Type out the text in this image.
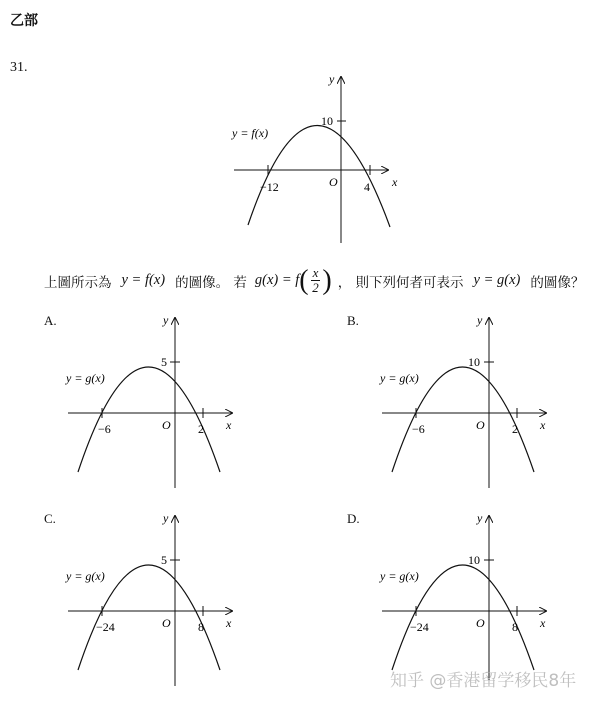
乙部
31.
y
x
O
10
−12	4
y = f(x)
上圖所示為 y = f(x) 的圖像。 若 g(x) = f ( $\frac{x}{2}$ ) ， 則下列何者可表示 y = g(x) 的圖像？
A.	y
x
O
5
−6	2
y = g(x)
B.	y
x
O
10
−6	2
y = g(x)
C.	y
x
O
5
−24	8
y = g(x)
D.	y
x
O
10
−24	8
y = g(x)
知乎 @香港留学移民8年
